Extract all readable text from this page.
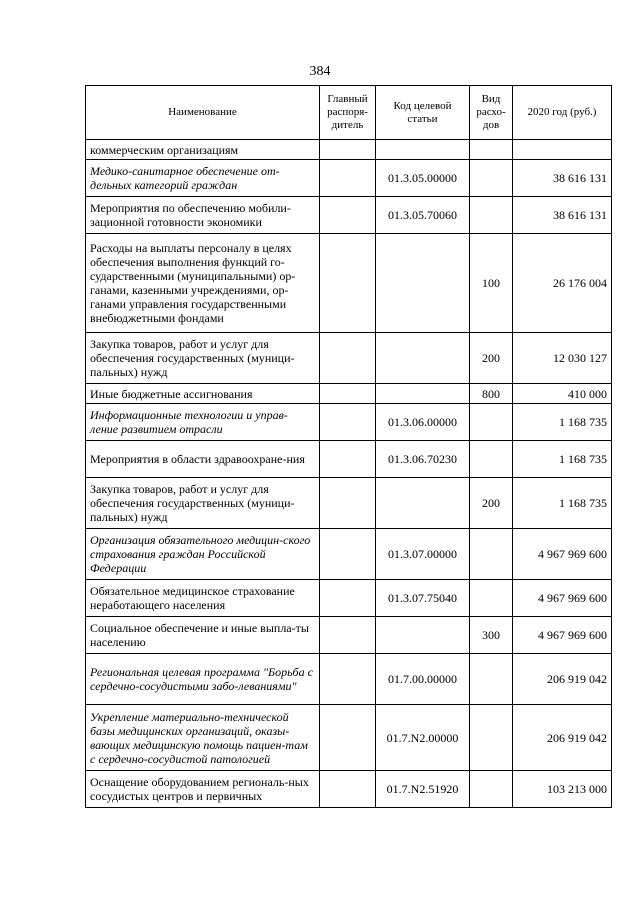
384
Наименование	Главный распоря-дитель	Код целевой статьи	Вид расхо-дов	2020 год (руб.)
коммерческим организациям				
Медико-санитарное обеспечение от-дельных категорий граждан		01.3.05.00000		38 616 131
Мероприятия по обеспечению мобили-зационной готовности экономики		01.3.05.70060		38 616 131
Расходы на выплаты персоналу в целях обеспечения выполнения функций го-сударственными (муниципальными) ор-ганами, казенными учреждениями, ор-ганами управления государственными внебюджетными фондами			100	26 176 004
Закупка товаров, работ и услуг для обеспечения государственных (муници-пальных) нужд			200	12 030 127
Иные бюджетные ассигнования			800	410 000
Информационные технологии и управ-ление развитием отрасли		01.3.06.00000		1 168 735
Мероприятия в области здравоохране-ния		01.3.06.70230		1 168 735
Закупка товаров, работ и услуг для обеспечения государственных (муници-пальных) нужд			200	1 168 735
Организация обязательного медицин-ского страхования граждан Российской Федерации		01.3.07.00000		4 967 969 600
Обязательное медицинское страхование неработающего населения		01.3.07.75040		4 967 969 600
Социальное обеспечение и иные выпла-ты населению			300	4 967 969 600
Региональная целевая программа "Борьба с сердечно-сосудистыми забо-леваниями"		01.7.00.00000		206 919 042
Укрепление материально-технической базы медицинских организаций, оказы-вающих медицинскую помощь пациен-там с сердечно-сосудистой патологией		01.7.N2.00000		206 919 042
Оснащение оборудованием региональ-ных сосудистых центров и первичных		01.7.N2.51920		103 213 000
